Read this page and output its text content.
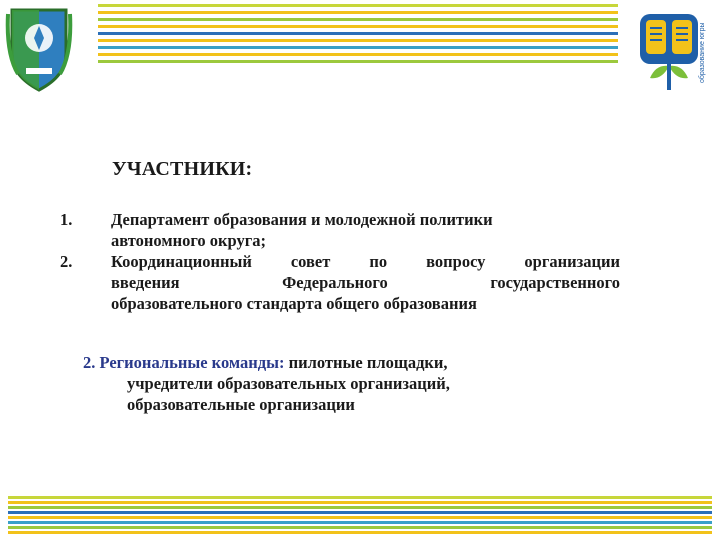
образование югры
УЧАСТНИКИ:
1.	Департамент образования и молодежной политики
автономного округа;
2.	Координационный совет по вопросу организации
введения Федерального государственного
образовательного стандарта общего образования
2. Региональные команды: пилотные площадки,
учредители образовательных организаций,
образовательные организации
